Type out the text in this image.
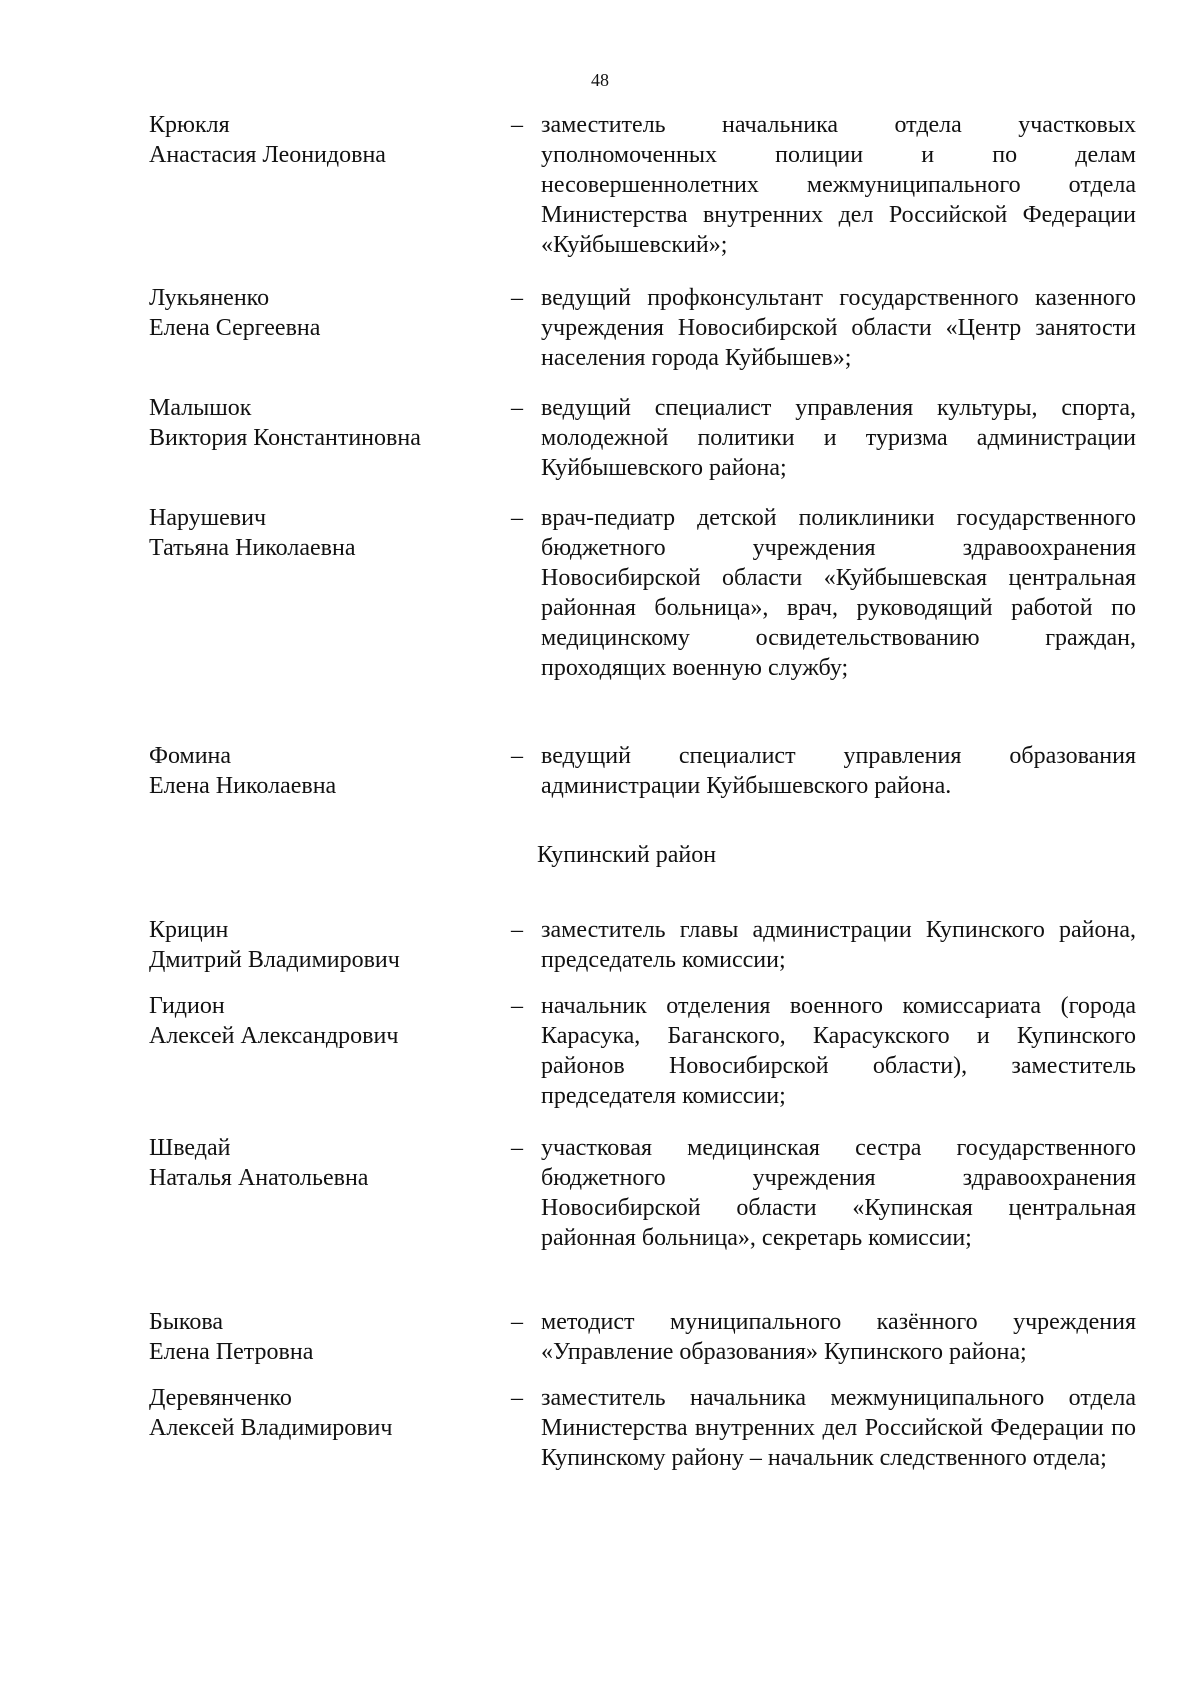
48
Крюкля
Анастасия Леонидовна
– заместитель начальника отдела участковых уполномоченных полиции и по делам несовершеннолетних межмуниципального отдела Министерства внутренних дел Российской Федерации «Куйбышевский»;
Лукьяненко
Елена Сергеевна
– ведущий профконсультант государственного казенного учреждения Новосибирской области «Центр занятости населения города Куйбышев»;
Малышок
Виктория Константиновна
– ведущий специалист управления культуры, спорта, молодежной политики и туризма администрации Куйбышевского района;
Нарушевич
Татьяна Николаевна
– врач-педиатр детской поликлиники государственного бюджетного учреждения здравоохранения Новосибирской области «Куйбышевская центральная районная больница», врач, руководящий работой по медицинскому освидетельствованию граждан, проходящих военную службу;
Фомина
Елена Николаевна
– ведущий специалист управления образования администрации Куйбышевского района.
Купинский район
Крицин
Дмитрий Владимирович
– заместитель главы администрации Купинского района, председатель комиссии;
Гидион
Алексей Александрович
– начальник отделения военного комиссариата (города Карасука, Баганского, Карасукского и Купинского районов Новосибирской области), заместитель председателя комиссии;
Шведай
Наталья Анатольевна
– участковая медицинская сестра государственного бюджетного учреждения здравоохранения Новосибирской области «Купинская центральная районная больница», секретарь комиссии;
Быкова
Елена Петровна
– методист муниципального казённого учреждения «Управление образования» Купинского района;
Деревянченко
Алексей Владимирович
– заместитель начальника межмуниципального отдела Министерства внутренних дел Российской Федерации по Купинскому району – начальник следственного отдела;
